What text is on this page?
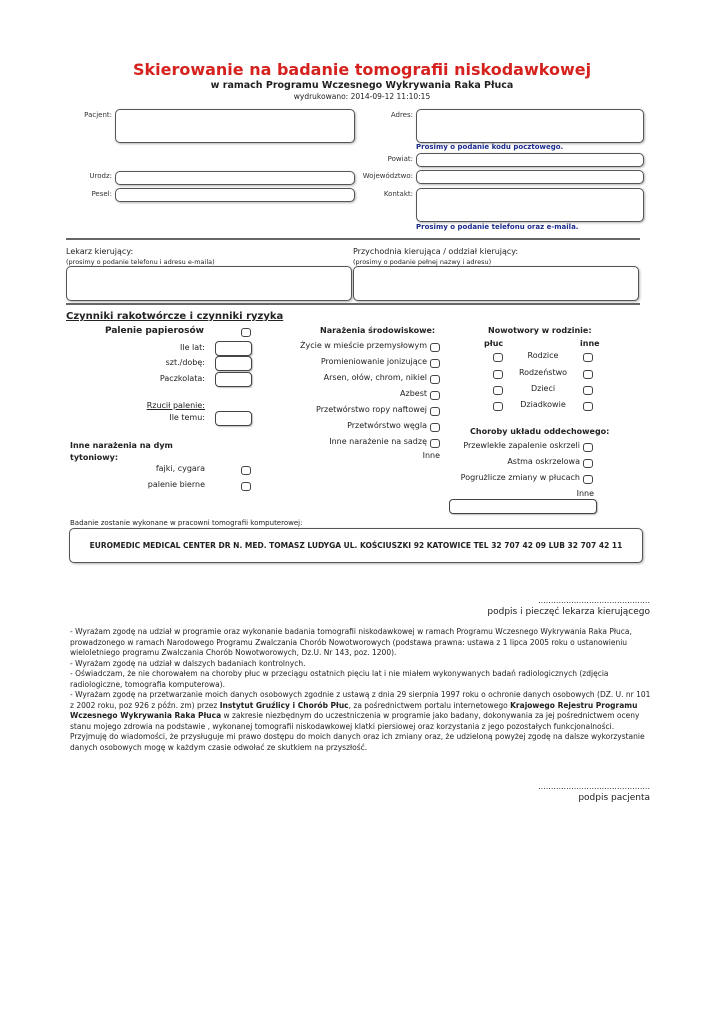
Skierowanie na badanie tomografii niskodawkowej
w ramach Programu Wczesnego Wykrywania Raka Płuca
wydrukowano: 2014-09-12 11:10:15
Pacjent:
Urodz:
Pesel:
Adres:
Prosimy o podanie kodu pocztowego.
Powiat:
Województwo:
Kontakt:
Prosimy o podanie telefonu oraz e-maila.
Lekarz kierujący:
(prosimy o podanie telefonu i adresu e-maila)
Przychodnia kierująca / oddział kierujący:
(prosimy o podanie pełnej nazwy i adresu)
Czynniki rakotwórcze i czynniki ryzyka
Palenie papierosów
Ile lat:
szt./dobę:
Paczkolata:
Rzucił palenie:
Ile temu:
Inne narażenia na dym tytoniowy:
fajki, cygara
palenie bierne
Narażenia środowiskowe:
Życie w mieście przemysłowym
Promieniowanie jonizujące
Arsen, ołów, chrom, nikiel
Azbest
Przetwórstwo ropy naftowej
Przetwórstwo węgla
Inne narażenie na sadzę
Inne
Nowotwory w rodzinie:
płuc	inne
Rodzice
Rodzeństwo
Dzieci
Dziadkowie
Choroby układu oddechowego:
Przewlekłe zapalenie oskrzeli
Astma oskrzelowa
Pogrużlicze zmiany w płucach
Inne
Badanie zostanie wykonane w pracowni tomografii komputerowej:
EUROMEDIC MEDICAL CENTER DR N. MED. TOMASZ LUDYGA UL. KOŚCIUSZKI 92 KATOWICE TEL 32 707 42 09 LUB 32 707 42 11
............................................
podpis i pieczęć lekarza kierującego
- Wyrażam zgodę na udział w programie oraz wykonanie badania tomografii niskodawkowej w ramach Programu Wczesnego Wykrywania Raka Płuca, prowadzonego w ramach Narodowego Programu Zwalczania Chorób Nowotworowych (podstawa prawna: ustawa z 1 lipca 2005 roku o ustanowieniu wieloletniego programu Zwalczania Chorób Nowotworowych, Dz.U. Nr 143, poz. 1200).
- Wyrażam zgodę na udział w dalszych badaniach kontrolnych.
- Oświadczam, że nie chorowałem na choroby płuc w przeciągu ostatnich pięciu lat i nie miałem wykonywanych badań radiologicznych (zdjęcia radiologiczne, tomografia komputerowa).
- Wyrażam zgodę na przetwarzanie moich danych osobowych zgodnie z ustawą z dnia 29 sierpnia 1997 roku o ochronie danych osobowych (DZ. U. nr 101 z 2002 roku, poz 926 z późn. zm) przez Instytut Gruźlicy i Chorób Płuc, za pośrednictwem portalu internetowego Krajowego Rejestru Programu Wczesnego Wykrywania Raka Płuca w zakresie niezbędnym do uczestniczenia w programie jako badany, dokonywania za jej pośrednictwem oceny stanu mojego zdrowia na podstawie , wykonanej tomografii niskodawkowej klatki piersiowej oraz korzystania z jego pozostałych funkcjonalności. Przyjmuję do wiadomości, że przysługuje mi prawo dostępu do moich danych oraz ich zmiany oraz, że udzieloną powyżej zgodę na dalsze wykorzystanie danych osobowych mogę w każdym czasie odwołać ze skutkiem na przyszłość.
............................................
podpis pacjenta
